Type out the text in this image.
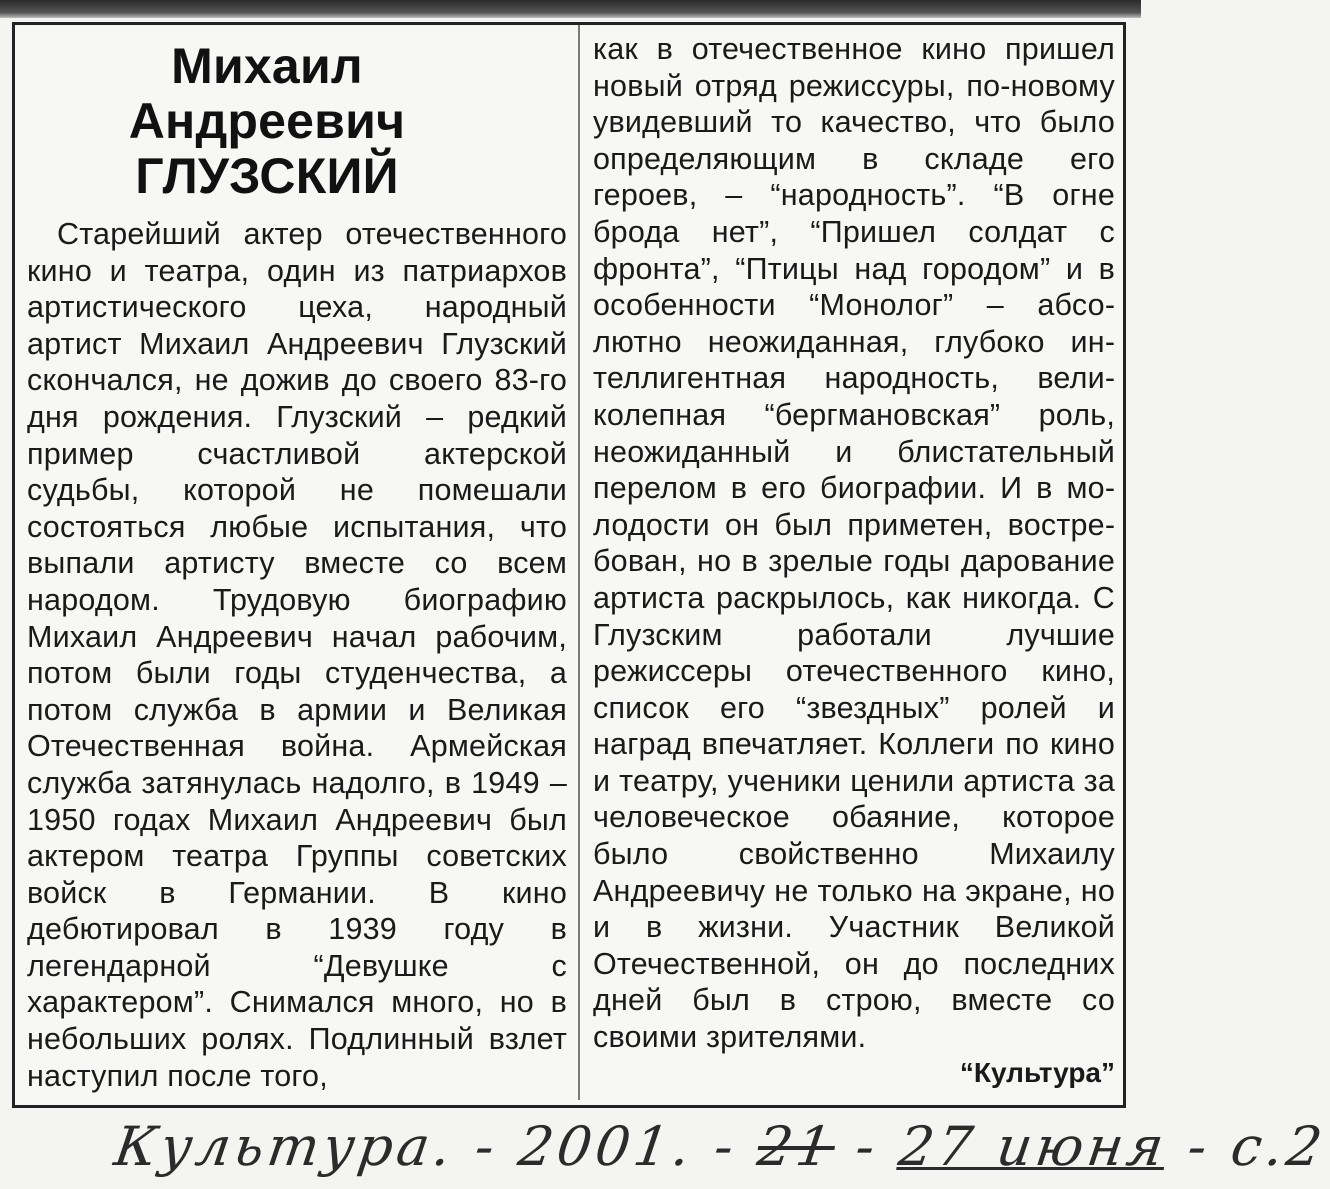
Михаил
Андреевич
ГЛУЗСКИЙ

Старейший актер отечественного кино и театра, один из патриархов артистического цеха, народный артист Михаил Андреевич Глузский скончался, не дожив до своего 83-го дня рождения. Глузский – редкий пример счастливой актерской судьбы, которой не помешали состояться любые испытания, что выпали артисту вместе со всем народом. Трудовую биографию Михаил Андреевич начал рабочим, потом были годы студенчества, а потом служба в армии и Великая Отечественная война. Армейская служба затянулась надолго, в 1949 – 1950 годах Михаил Андреевич был актером театра Группы советских войск в Германии. В кино дебютировал в 1939 году в легендарной “Девушке с характером”. Снимался много, но в небольших ролях. Подлинный взлет наступил после того,

как в отечественное кино пришел новый отряд режиссуры, по-новому увидевший то качество, что было определяющим в складе его героев, – “народность”. “В огне брода нет”, “Пришел солдат с фронта”, “Птицы над городом” и в особенности “Монолог” – абсолютно неожиданная, глубоко интеллигентная народность, великолепная “бергмановская” роль, неожиданный и блистательный перелом в его биографии. И в молодости он был приметен, востребован, но в зрелые годы дарование артиста раскрылось, как никогда. С Глузским работали лучшие режиссеры отечественного кино, список его “звездных” ролей и наград впечатляет. Коллеги по кино и театру, ученики ценили артиста за человеческое обаяние, которое было свойственно Михаилу Андреевичу не только на экране, но и в жизни. Участник Великой Отечественной, он до последних дней был в строю, вместе со своими зрителями.

“Культура”
Культура. - 2001. - 21 - 27 июня - с.2
